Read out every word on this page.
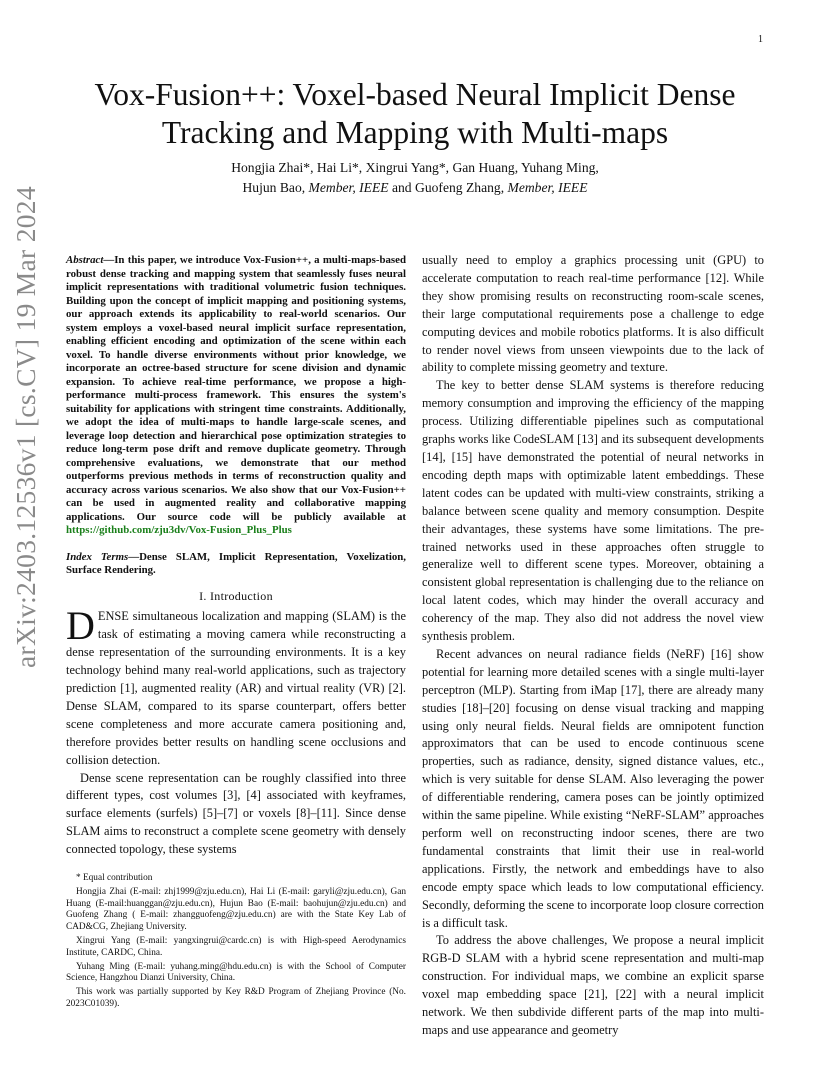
1
arXiv:2403.12536v1 [cs.CV] 19 Mar 2024
Vox-Fusion++: Voxel-based Neural Implicit Dense
Tracking and Mapping with Multi-maps
Hongjia Zhai*, Hai Li*, Xingrui Yang*, Gan Huang, Yuhang Ming,
Hujun Bao, Member, IEEE and Guofeng Zhang, Member, IEEE
Abstract—In this paper, we introduce Vox-Fusion++, a multi-maps-based robust dense tracking and mapping system that seamlessly fuses neural implicit representations with traditional volumetric fusion techniques. Building upon the concept of implicit mapping and positioning systems, our approach extends its applicability to real-world scenarios. Our system employs a voxel-based neural implicit surface representation, enabling efficient encoding and optimization of the scene within each voxel. To handle diverse environments without prior knowledge, we incorporate an octree-based structure for scene division and dynamic expansion. To achieve real-time performance, we propose a high-performance multi-process framework. This ensures the system's suitability for applications with stringent time constraints. Additionally, we adopt the idea of multi-maps to handle large-scale scenes, and leverage loop detection and hierarchical pose optimization strategies to reduce long-term pose drift and remove duplicate geometry. Through comprehensive evaluations, we demonstrate that our method outperforms previous methods in terms of reconstruction quality and accuracy across various scenarios. We also show that our Vox-Fusion++ can be used in augmented reality and collaborative mapping applications. Our source code will be publicly available at https://github.com/zju3dv/Vox-Fusion_Plus_Plus
Index Terms—Dense SLAM, Implicit Representation, Voxelization, Surface Rendering.
I. Introduction

DENSE simultaneous localization and mapping (SLAM) is the task of estimating a moving camera while reconstructing a dense representation of the surrounding environments. It is a key technology behind many real-world applications, such as trajectory prediction [1], augmented reality (AR) and virtual reality (VR) [2]. Dense SLAM, compared to its sparse counterpart, offers better scene completeness and more accurate camera positioning and, therefore provides better results on handling scene occlusions and collision detection.

Dense scene representation can be roughly classified into three different types, cost volumes [3], [4] associated with keyframes, surface elements (surfels) [5]–[7] or voxels [8]–[11]. Since dense SLAM aims to reconstruct a complete scene geometry with densely connected topology, these systems

* Equal contribution

Hongjia Zhai (E-mail: zhj1999@zju.edu.cn), Hai Li (E-mail: garyli@zju.edu.cn), Gan Huang (E-mail:huanggan@zju.edu.cn), Hujun Bao (E-mail: baohujun@zju.edu.cn) and Guofeng Zhang ( E-mail: zhangguofeng@zju.edu.cn) are with the State Key Lab of CAD&CG, Zhejiang University.

Xingrui Yang (E-mail: yangxingrui@cardc.cn) is with High-speed Aerodynamics Institute, CARDC, China.

Yuhang Ming (E-mail: yuhang.ming@hdu.edu.cn) is with the School of Computer Science, Hangzhou Dianzi University, China.

This work was partially supported by Key R&D Program of Zhejiang Province (No. 2023C01039).

usually need to employ a graphics processing unit (GPU) to accelerate computation to reach real-time performance [12]. While they show promising results on reconstructing room-scale scenes, their large computational requirements pose a challenge to edge computing devices and mobile robotics platforms. It is also difficult to render novel views from unseen viewpoints due to the lack of ability to complete missing geometry and texture.

The key to better dense SLAM systems is therefore reducing memory consumption and improving the efficiency of the mapping process. Utilizing differentiable pipelines such as computational graphs works like CodeSLAM [13] and its subsequent developments [14], [15] have demonstrated the potential of neural networks in encoding depth maps with optimizable latent embeddings. These latent codes can be updated with multi-view constraints, striking a balance between scene quality and memory consumption. Despite their advantages, these systems have some limitations. The pre-trained networks used in these approaches often struggle to generalize well to different scene types. Moreover, obtaining a consistent global representation is challenging due to the reliance on local latent codes, which may hinder the overall accuracy and coherency of the map. They also did not address the novel view synthesis problem.

Recent advances on neural radiance fields (NeRF) [16] show potential for learning more detailed scenes with a single multi-layer perceptron (MLP). Starting from iMap [17], there are already many studies [18]–[20] focusing on dense visual tracking and mapping using only neural fields. Neural fields are omnipotent function approximators that can be used to encode continuous scene properties, such as radiance, density, signed distance values, etc., which is very suitable for dense SLAM. Also leveraging the power of differentiable rendering, camera poses can be jointly optimized within the same pipeline. While existing “NeRF-SLAM” approaches perform well on reconstructing indoor scenes, there are two fundamental constraints that limit their use in real-world applications. Firstly, the network and embeddings have to also encode empty space which leads to low computational efficiency. Secondly, deforming the scene to incorporate loop closure correction is a difficult task.

To address the above challenges, We propose a neural implicit RGB-D SLAM with a hybrid scene representation and multi-map construction. For individual maps, we combine an explicit sparse voxel map embedding space [21], [22] with a neural implicit network. We then subdivide different parts of the map into multi-maps and use appearance and geometry
